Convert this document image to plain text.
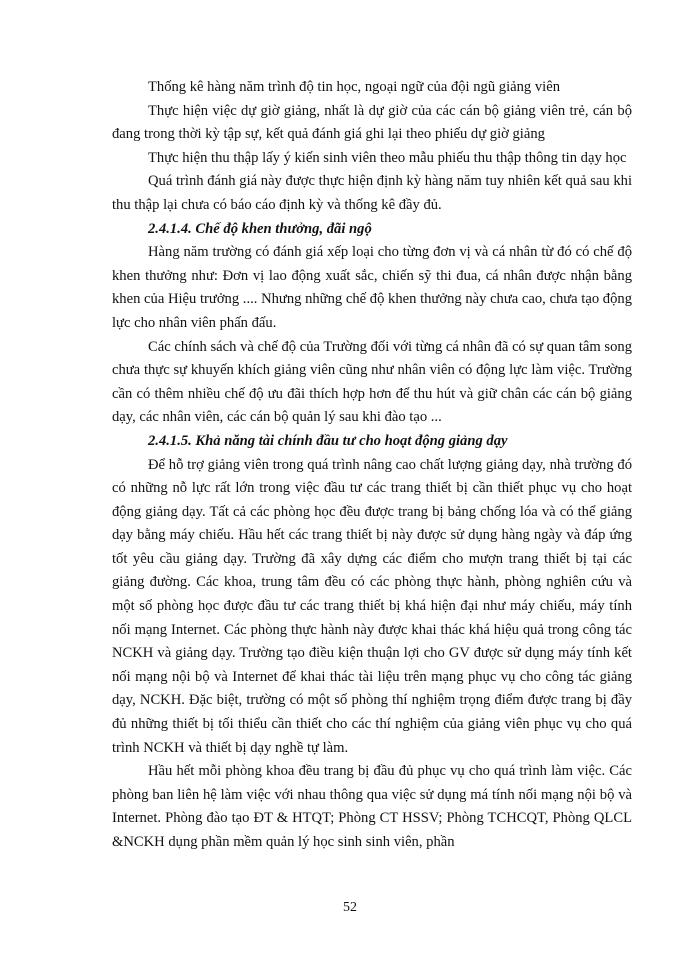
Thống kê hàng năm trình độ tin học, ngoại ngữ của đội ngũ giảng viên

Thực hiện việc dự giờ giảng, nhất là dự giờ của các cán bộ giảng viên trẻ, cán bộ đang trong thời kỳ tập sự, kết quả đánh giá ghi lại theo phiếu dự giờ giảng

Thực hiện thu thập lấy ý kiến sinh viên theo mẫu phiếu thu thập thông tin dạy học

Quá trình đánh giá này được thực hiện định kỳ hàng năm tuy nhiên kết quả sau khi thu thập lại chưa có báo cáo định kỳ và thống kê đầy đủ.

2.4.1.4. Chế độ khen thưởng, đãi ngộ

Hàng năm trường có đánh giá xếp loại cho từng đơn vị và cá nhân từ đó có chế độ khen thưởng như: Đơn vị lao động xuất sắc, chiến sỹ thi đua, cá nhân được nhận bằng khen của Hiệu trưởng .... Nhưng những chế độ khen thưởng này chưa cao, chưa tạo động lực cho nhân viên phấn đấu.

Các chính sách và chế độ của Trường đối với từng cá nhân đã có sự quan tâm song chưa thực sự khuyến khích giảng viên cũng như nhân viên có động lực làm việc. Trường cần có thêm nhiều chế độ ưu đãi thích hợp hơn để thu hút và giữ chân các cán bộ giảng dạy, các nhân viên, các cán bộ quản lý sau khi đào tạo ...

2.4.1.5. Khả năng tài chính đầu tư cho hoạt động giảng dạy

Để hỗ trợ giảng viên trong quá trình nâng cao chất lượng giảng dạy, nhà trường đó có những nỗ lực rất lớn trong việc đầu tư các trang thiết bị cần thiết phục vụ cho hoạt động giảng dạy. Tất cả các phòng học đều được trang bị bảng chống lóa và có thể giảng dạy bằng máy chiếu. Hầu hết các trang thiết bị này được sử dụng hàng ngày và đáp ứng tốt yêu cầu giảng dạy. Trường đã xây dựng các điểm cho mượn trang thiết bị tại các giảng đường. Các khoa, trung tâm đều có các phòng thực hành, phòng nghiên cứu và một số phòng học được đầu tư các trang thiết bị khá hiện đại như máy chiếu, máy tính nối mạng Internet. Các phòng thực hành này được khai thác khá hiệu quả trong công tác NCKH và giảng dạy. Trường tạo điều kiện thuận lợi cho GV được sử dụng máy tính kết nối mạng nội bộ và Internet để khai thác tài liệu trên mạng phục vụ cho công tác giảng dạy, NCKH. Đặc biệt, trường có một số phòng thí nghiệm trọng điểm được trang bị đầy đủ những thiết bị tối thiểu cần thiết cho các thí nghiệm của giảng viên phục vụ cho quá trình NCKH và thiết bị dạy nghề tự làm.

Hầu hết mỗi phòng khoa đều trang bị đầu đủ phục vụ cho quá trình làm việc. Các phòng ban liên hệ làm việc với nhau thông qua việc sử dụng má tính nối mạng nội bộ và Internet. Phòng đào tạo ĐT & HTQT; Phòng CT HSSV; Phòng TCHCQT, Phòng QLCL &NCKH dụng phần mềm quản lý học sinh sinh viên, phần

52
